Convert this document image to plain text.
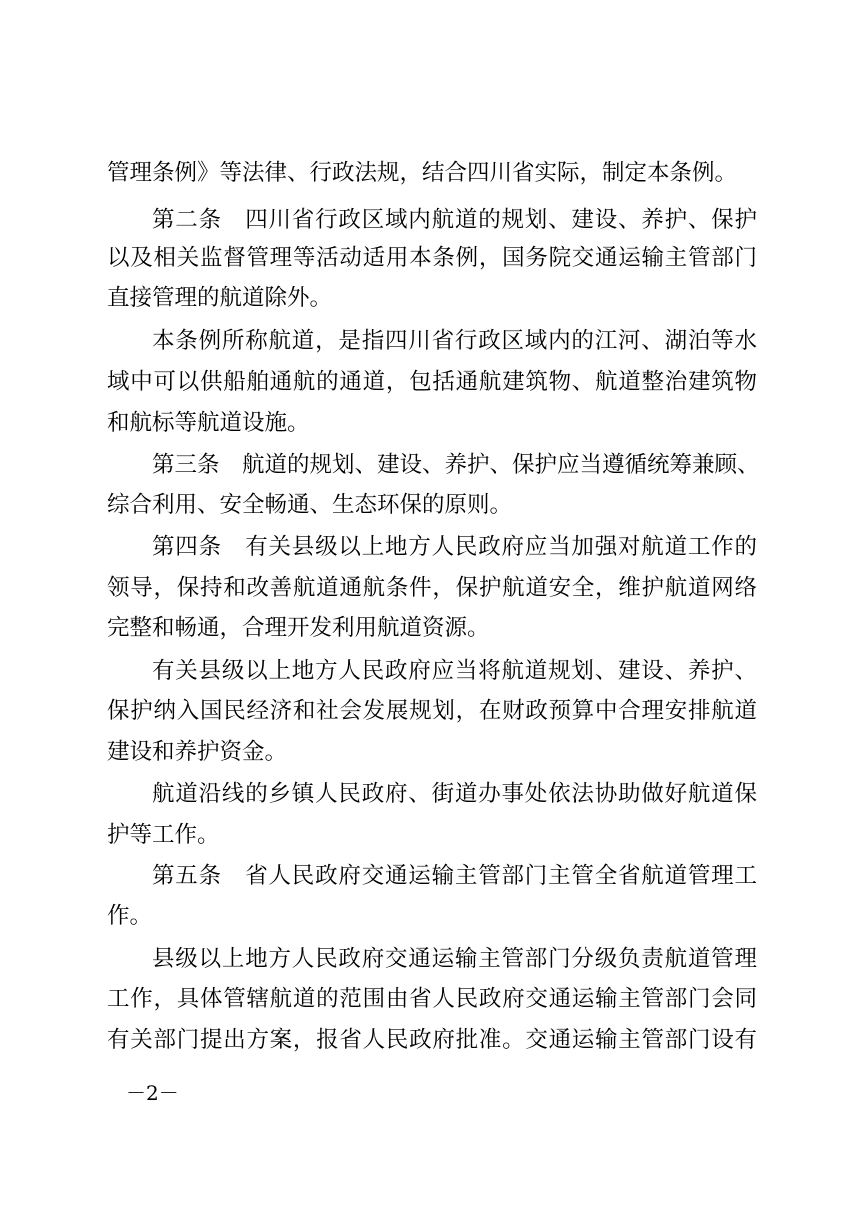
管理条例》等法律、行政法规，结合四川省实际，制定本条例。
第二条　四川省行政区域内航道的规划、建设、养护、保护
以及相关监督管理等活动适用本条例，国务院交通运输主管部门
直接管理的航道除外。
本条例所称航道，是指四川省行政区域内的江河、湖泊等水
域中可以供船舶通航的通道，包括通航建筑物、航道整治建筑物
和航标等航道设施。
第三条　航道的规划、建设、养护、保护应当遵循统筹兼顾、
综合利用、安全畅通、生态环保的原则。
第四条　有关县级以上地方人民政府应当加强对航道工作的
领导，保持和改善航道通航条件，保护航道安全，维护航道网络
完整和畅通，合理开发利用航道资源。
有关县级以上地方人民政府应当将航道规划、建设、养护、
保护纳入国民经济和社会发展规划，在财政预算中合理安排航道
建设和养护资金。
航道沿线的乡镇人民政府、街道办事处依法协助做好航道保
护等工作。
第五条　省人民政府交通运输主管部门主管全省航道管理工
作。
县级以上地方人民政府交通运输主管部门分级负责航道管理
工作，具体管辖航道的范围由省人民政府交通运输主管部门会同
有关部门提出方案，报省人民政府批准。交通运输主管部门设有
－2－
